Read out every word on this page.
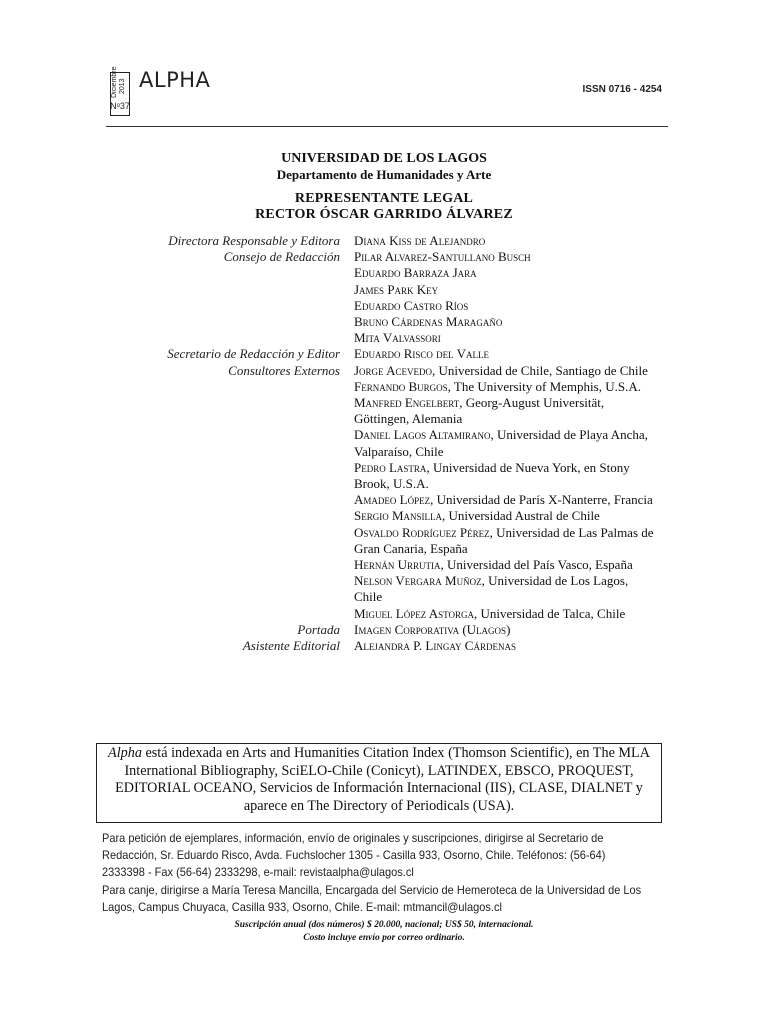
Diciembre 2013
$N^o37$
ALPHA	ISSN 0716 - 4254
UNIVERSIDAD DE LOS LAGOS
Departamento de Humanidades y Arte
REPRESENTANTE LEGAL
RECTOR ÓSCAR GARRIDO ÁLVAREZ
Directora Responsable y Editora	Diana Kiss de Alejandro
Consejo de Redacción	Pilar Alvarez-Santullano Busch
Eduardo Barraza Jara
James Park Key
Eduardo Castro Ríos
Bruno Cárdenas Maragaño
Mita Valvassori
Secretario de Redacción y Editor	Eduardo Risco del Valle
Consultores Externos	Jorge Acevedo, Universidad de Chile, Santiago de Chile
Fernando Burgos, The University of Memphis, U.S.A.
Manfred Engelbert, Georg-August Universität, Göttingen, Alemania
Daniel Lagos Altamirano, Universidad de Playa Ancha, Valparaíso, Chile
Pedro Lastra, Universidad de Nueva York, en Stony Brook, U.S.A.
Amadeo López, Universidad de París X-Nanterre, Francia
Sergio Mansilla, Universidad Austral de Chile
Osvaldo Rodríguez Pérez, Universidad de Las Palmas de Gran Canaria, España
Hernán Urrutia, Universidad del País Vasco, España
Nelson Vergara Muñoz, Universidad de Los Lagos, Chile
Miguel López Astorga, Universidad de Talca, Chile
Portada	Imagen Corporativa (Ulagos)
Asistente Editorial	Alejandra P. Lingay Cárdenas
Alpha está indexada en Arts and Humanities Citation Index (Thomson Scientific), en The MLA International Bibliography, SciELO-Chile (Conicyt), LATINDEX, EBSCO, PROQUEST, EDITORIAL OCEANO, Servicios de Información Internacional (IIS), CLASE, DIALNET y aparece en The Directory of Periodicals (USA).

Para petición de ejemplares, información, envío de originales y suscripciones, dirigirse al Secretario de Redacción, Sr. Eduardo Risco, Avda. Fuchslocher 1305 - Casilla 933, Osorno, Chile. Teléfonos: (56-64) 2333398 - Fax (56-64) 2333298, e-mail: revistaalpha@ulagos.cl

Para canje, dirigirse a María Teresa Mancilla, Encargada del Servicio de Hemeroteca de la Universidad de Los Lagos, Campus Chuyaca, Casilla 933, Osorno, Chile. E-mail: mtmancil@ulagos.cl

Suscripción anual (dos números) $ 20.000, nacional; US$ 50, internacional.
Costo incluye envío por correo ordinario.
